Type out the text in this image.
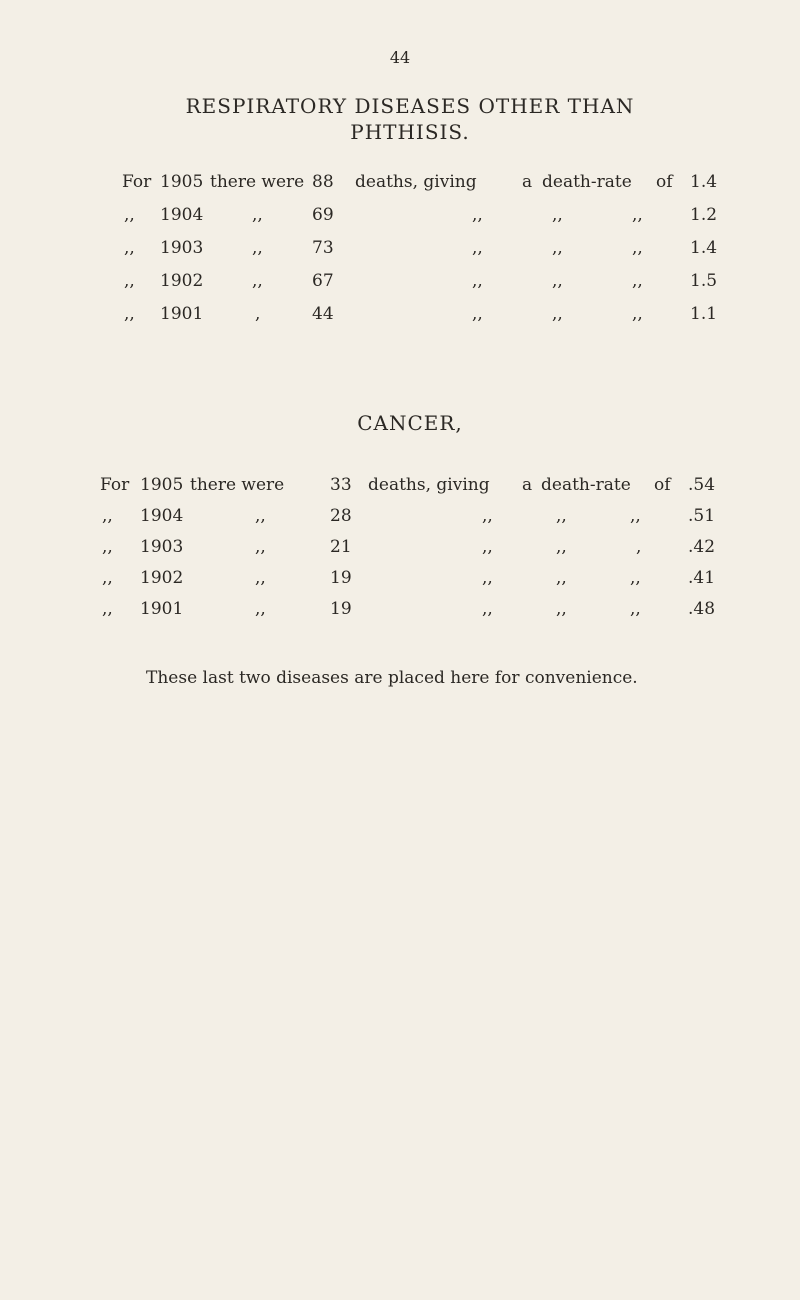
44
RESPIRATORY DISEASES OTHER THAN
PHTHISIS.
For 1905 there were 88 deaths, giving	a death-rate of 1.4
,, 1904	,,	69	,,	,,	,,	1.2
,, 1903	,,	73	,,	,,	,,	1.4
,, 1902	,,	67	,,	,,	,,	1.5
,, 1901	,	44	,,	,,	,,	1.1
CANCER,
For 1905 there were	33 deaths, giving a death-rate of .54
,, 1904	,,	28	,,	,,	,,	.51
,, 1903	,,	21	,,	,,	,	.42
,, 1902	,,	19	,,	,,	,,	.41
,, 1901	,,	19	,,	,,	,,	.48
These last two diseases are placed here for convenience.
